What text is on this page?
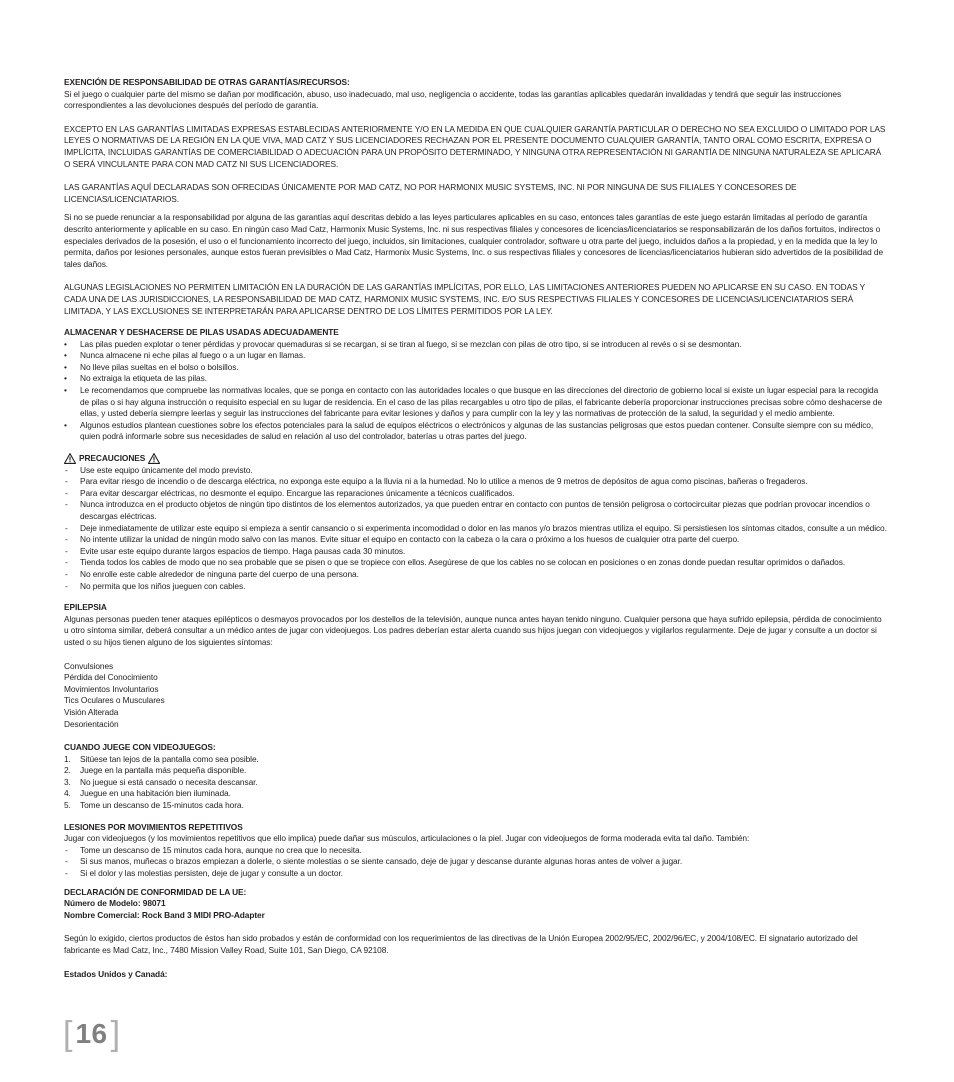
EXENCIÓN DE RESPONSABILIDAD DE OTRAS GARANTÍAS/RECURSOS:

Si el juego o cualquier parte del mismo se dañan por modificación, abuso, uso inadecuado, mal uso, negligencia o accidente, todas las garantías aplicables quedarán invalidadas y tendrá que seguir las instrucciones correspondientes a las devoluciones después del período de garantía.

EXCEPTO EN LAS GARANTÍAS LIMITADAS EXPRESAS ESTABLECIDAS ANTERIORMENTE Y/O EN LA MEDIDA EN QUE CUALQUIER GARANTÍA PARTICULAR O DERECHO NO SEA EXCLUIDO O LIMITADO POR LAS LEYES O NORMATIVAS DE LA REGIÓN EN LA QUE VIVA, MAD CATZ Y SUS LICENCIADORES RECHAZAN POR EL PRESENTE DOCUMENTO CUALQUIER GARANTÍA, TANTO ORAL COMO ESCRITA, EXPRESA O IMPLÍCITA, INCLUIDAS GARANTÍAS DE COMERCIABILIDAD O ADECUACIÓN PARA UN PROPÓSITO DETERMINADO, Y NINGUNA OTRA REPRESENTACIÓN NI GARANTÍA DE NINGUNA NATURALEZA SE APLICARÁ O SERÁ VINCULANTE PARA CON MAD CATZ NI SUS LICENCIADORES.

LAS GARANTÍAS AQUÍ DECLARADAS SON OFRECIDAS ÚNICAMENTE POR MAD CATZ, NO POR HARMONIX MUSIC SYSTEMS, INC. NI POR NINGUNA DE SUS FILIALES Y CONCESORES DE LICENCIAS/LICENCIATARIOS.

Si no se puede renunciar a la responsabilidad por alguna de las garantías aquí descritas debido a las leyes particulares aplicables en su caso, entonces tales garantías de este juego estarán limitadas al período de garantía descrito anteriormente y aplicable en su caso. En ningún caso Mad Catz, Harmonix Music Systems, Inc. ni sus respectivas filiales y concesores de licencias/licenciatarios se responsabilizarán de los daños fortuitos, indirectos o especiales derivados de la posesión, el uso o el funcionamiento incorrecto del juego, incluidos, sin limitaciones, cualquier controlador, software u otra parte del juego, incluidos daños a la propiedad, y en la medida que la ley lo permita, daños por lesiones personales, aunque estos fueran previsibles o Mad Catz, Harmonix Music Systems, Inc. o sus respectivas filiales y concesores de licencias/licenciatarios hubieran sido advertidos de la posibilidad de tales daños.

ALGUNAS LEGISLACIONES NO PERMITEN LIMITACIÓN EN LA DURACIÓN DE LAS GARANTÍAS IMPLÍCITAS, POR ELLO, LAS LIMITACIONES ANTERIORES PUEDEN NO APLICARSE EN SU CASO. EN TODAS Y CADA UNA DE LAS JURISDICCIONES, LA RESPONSABILIDAD DE MAD CATZ, HARMONIX MUSIC SYSTEMS, INC. E/O SUS RESPECTIVAS FILIALES Y CONCESORES DE LICENCIAS/LICENCIATARIOS SERÁ LIMITADA, Y LAS EXCLUSIONES SE INTERPRETARÁN PARA APLICARSE DENTRO DE LOS LÍMITES PERMITIDOS POR LA LEY.

ALMACENAR Y DESHACERSE DE PILAS USADAS ADECUADAMENTE

• Las pilas pueden explotar o tener pérdidas y provocar quemaduras si se recargan, si se tiran al fuego, si se mezclan con pilas de otro tipo, si se introducen al revés o si se desmontan.
• Nunca almacene ni eche pilas al fuego o a un lugar en llamas.
• No lleve pilas sueltas en el bolso o bolsillos.
• No extraiga la etiqueta de las pilas.
• Le recomendamos que compruebe las normativas locales, que se ponga en contacto con las autoridades locales o que busque en las direcciones del directorio de gobierno local si existe un lugar especial para la recogida de pilas o si hay alguna instrucción o requisito especial en su lugar de residencia. En el caso de las pilas recargables u otro tipo de pilas, el fabricante debería proporcionar instrucciones precisas sobre cómo deshacerse de ellas, y usted debería siempre leerlas y seguir las instrucciones del fabricante para evitar lesiones y daños y para cumplir con la ley y las normativas de protección de la salud, la seguridad y el medio ambiente.
• Algunos estudios plantean cuestiones sobre los efectos potenciales para la salud de equipos eléctricos o electrónicos y algunas de las sustancias peligrosas que estos puedan contener. Consulte siempre con su médico, quien podrá informarle sobre sus necesidades de salud en relación al uso del controlador, baterías u otras partes del juego.
PRECAUCIONES
- Use este equipo únicamente del modo previsto.
- Para evitar riesgo de incendio o de descarga eléctrica, no exponga este equipo a la lluvia ni a la humedad. No lo utilice a menos de 9 metros de depósitos de agua como piscinas, bañeras o fregaderos.
- Para evitar descargar eléctricas, no desmonte el equipo. Encargue las reparaciones únicamente a técnicos cualificados.
- Nunca introduzca en el producto objetos de ningún tipo distintos de los elementos autorizados, ya que pueden entrar en contacto con puntos de tensión peligrosa o cortocircuitar piezas que podrían provocar incendios o descargas eléctricas.
- Deje inmediatamente de utilizar este equipo si empieza a sentir cansancio o si experimenta incomodidad o dolor en las manos y/o brazos mientras utiliza el equipo. Si persistiesen los síntomas citados, consulte a un médico.
- No intente utilizar la unidad de ningún modo salvo con las manos. Evite situar el equipo en contacto con la cabeza o la cara o próximo a los huesos de cualquier otra parte del cuerpo.
- Evite usar este equipo durante largos espacios de tiempo. Haga pausas cada 30 minutos.
- Tienda todos los cables de modo que no sea probable que se pisen o que se tropiece con ellos. Asegúrese de que los cables no se colocan en posiciones o en zonas donde puedan resultar oprimidos o dañados.
- No enrolle este cable alrededor de ninguna parte del cuerpo de una persona.
- No permita que los niños jueguen con cables.

EPILEPSIA

Algunas personas pueden tener ataques epilépticos o desmayos provocados por los destellos de la televisión, aunque nunca antes hayan tenido ninguno. Cualquier persona que haya sufrido epilepsia, pérdida de conocimiento u otro síntoma similar, deberá consultar a un médico antes de jugar con videojuegos. Los padres deberían estar alerta cuando sus hijos juegan con videojuegos y vigilarlos regularmente. Deje de jugar y consulte a un doctor si usted o su hijos tienen alguno de los siguientes síntomas:

Convulsiones
Pérdida del Conocimiento
Movimientos Involuntarios
Tics Oculares o Musculares
Visión Alterada
Desorientación

CUANDO JUEGE CON VIDEOJUEGOS:

1. Sitúese tan lejos de la pantalla como sea posible.
2. Juege en la pantalla más pequeña disponible.
3. No juegue si está cansado o necesita descansar.
4. Juegue en una habitación bien iluminada.
5. Tome un descanso de 15-minutos cada hora.

LESIONES POR MOVIMIENTOS REPETITIVOS

Jugar con videojuegos (y los movimientos repetitivos que ello implica) puede dañar sus músculos, articulaciones o la piel. Jugar con videojuegos de forma moderada evita tal daño. También:

- Tome un descanso de 15 minutos cada hora, aunque no crea que lo necesita.
- Si sus manos, muñecas o brazos empiezan a dolerle, o siente molestias o se siente cansado, deje de jugar y descanse durante algunas horas antes de volver a jugar.
- Si el dolor y las molestias persisten, deje de jugar y consulte a un doctor.

DECLARACIÓN DE CONFORMIDAD DE LA UE:

Número de Modelo: 98071

Nombre Comercial: Rock Band 3 MIDI PRO-Adapter

Según lo exigido, ciertos productos de éstos han sido probados y están de conformidad con los requerimientos de las directivas de la Unión Europea 2002/95/EC, 2002/96/EC, y 2004/108/EC. El signatario autorizado del fabricante es Mad Catz, Inc., 7480 Mission Valley Road, Suite 101, San Diego, CA 92108.

Estados Unidos y Canadá:

[ 16 ]
